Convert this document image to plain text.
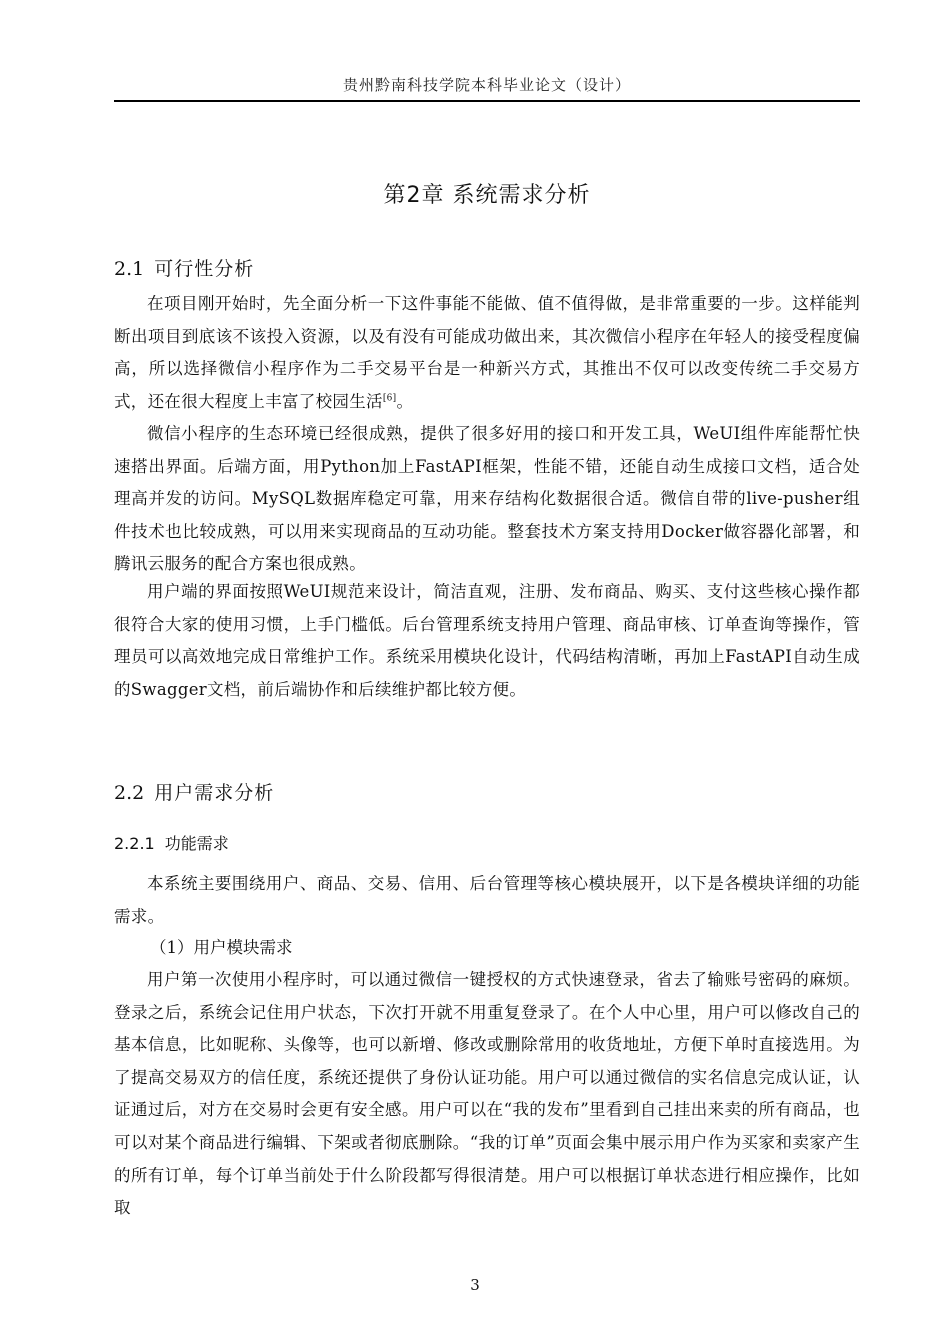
贵州黔南科技学院本科毕业论文（设计）
第2章 系统需求分析
2.1 可行性分析

在项目刚开始时，先全面分析一下这件事能不能做、值不值得做，是非常重要的一步。这样能判断出项目到底该不该投入资源，以及有没有可能成功做出来，其次微信小程序在年轻人的接受程度偏高，所以选择微信小程序作为二手交易平台是一种新兴方式，其推出不仅可以改变传统二手交易方式，还在很大程度上丰富了校园生活[6]。

微信小程序的生态环境已经很成熟，提供了很多好用的接口和开发工具，WeUI组件库能帮忙快速搭出界面。后端方面，用Python加上FastAPI框架，性能不错，还能自动生成接口文档，适合处理高并发的访问。MySQL数据库稳定可靠，用来存结构化数据很合适。微信自带的live-pusher组件技术也比较成熟，可以用来实现商品的互动功能。整套技术方案支持用Docker做容器化部署，和腾讯云服务的配合方案也很成熟。

用户端的界面按照WeUI规范来设计，简洁直观，注册、发布商品、购买、支付这些核心操作都很符合大家的使用习惯，上手门槛低。后台管理系统支持用户管理、商品审核、订单查询等操作，管理员可以高效地完成日常维护工作。系统采用模块化设计，代码结构清晰，再加上FastAPI自动生成的Swagger文档，前后端协作和后续维护都比较方便。

2.2 用户需求分析
2.2.1 功能需求

本系统主要围绕用户、商品、交易、信用、后台管理等核心模块展开，以下是各模块详细的功能需求。

（1）用户模块需求

用户第一次使用小程序时，可以通过微信一键授权的方式快速登录，省去了输账号密码的麻烦。登录之后，系统会记住用户状态，下次打开就不用重复登录了。在个人中心里，用户可以修改自己的基本信息，比如昵称、头像等，也可以新增、修改或删除常用的收货地址，方便下单时直接选用。为了提高交易双方的信任度，系统还提供了身份认证功能。用户可以通过微信的实名信息完成认证，认证通过后，对方在交易时会更有安全感。用户可以在“我的发布”里看到自己挂出来卖的所有商品，也可以对某个商品进行编辑、下架或者彻底删除。“我的订单”页面会集中展示用户作为买家和卖家产生的所有订单，每个订单当前处于什么阶段都写得很清楚。用户可以根据订单状态进行相应操作，比如取

3
